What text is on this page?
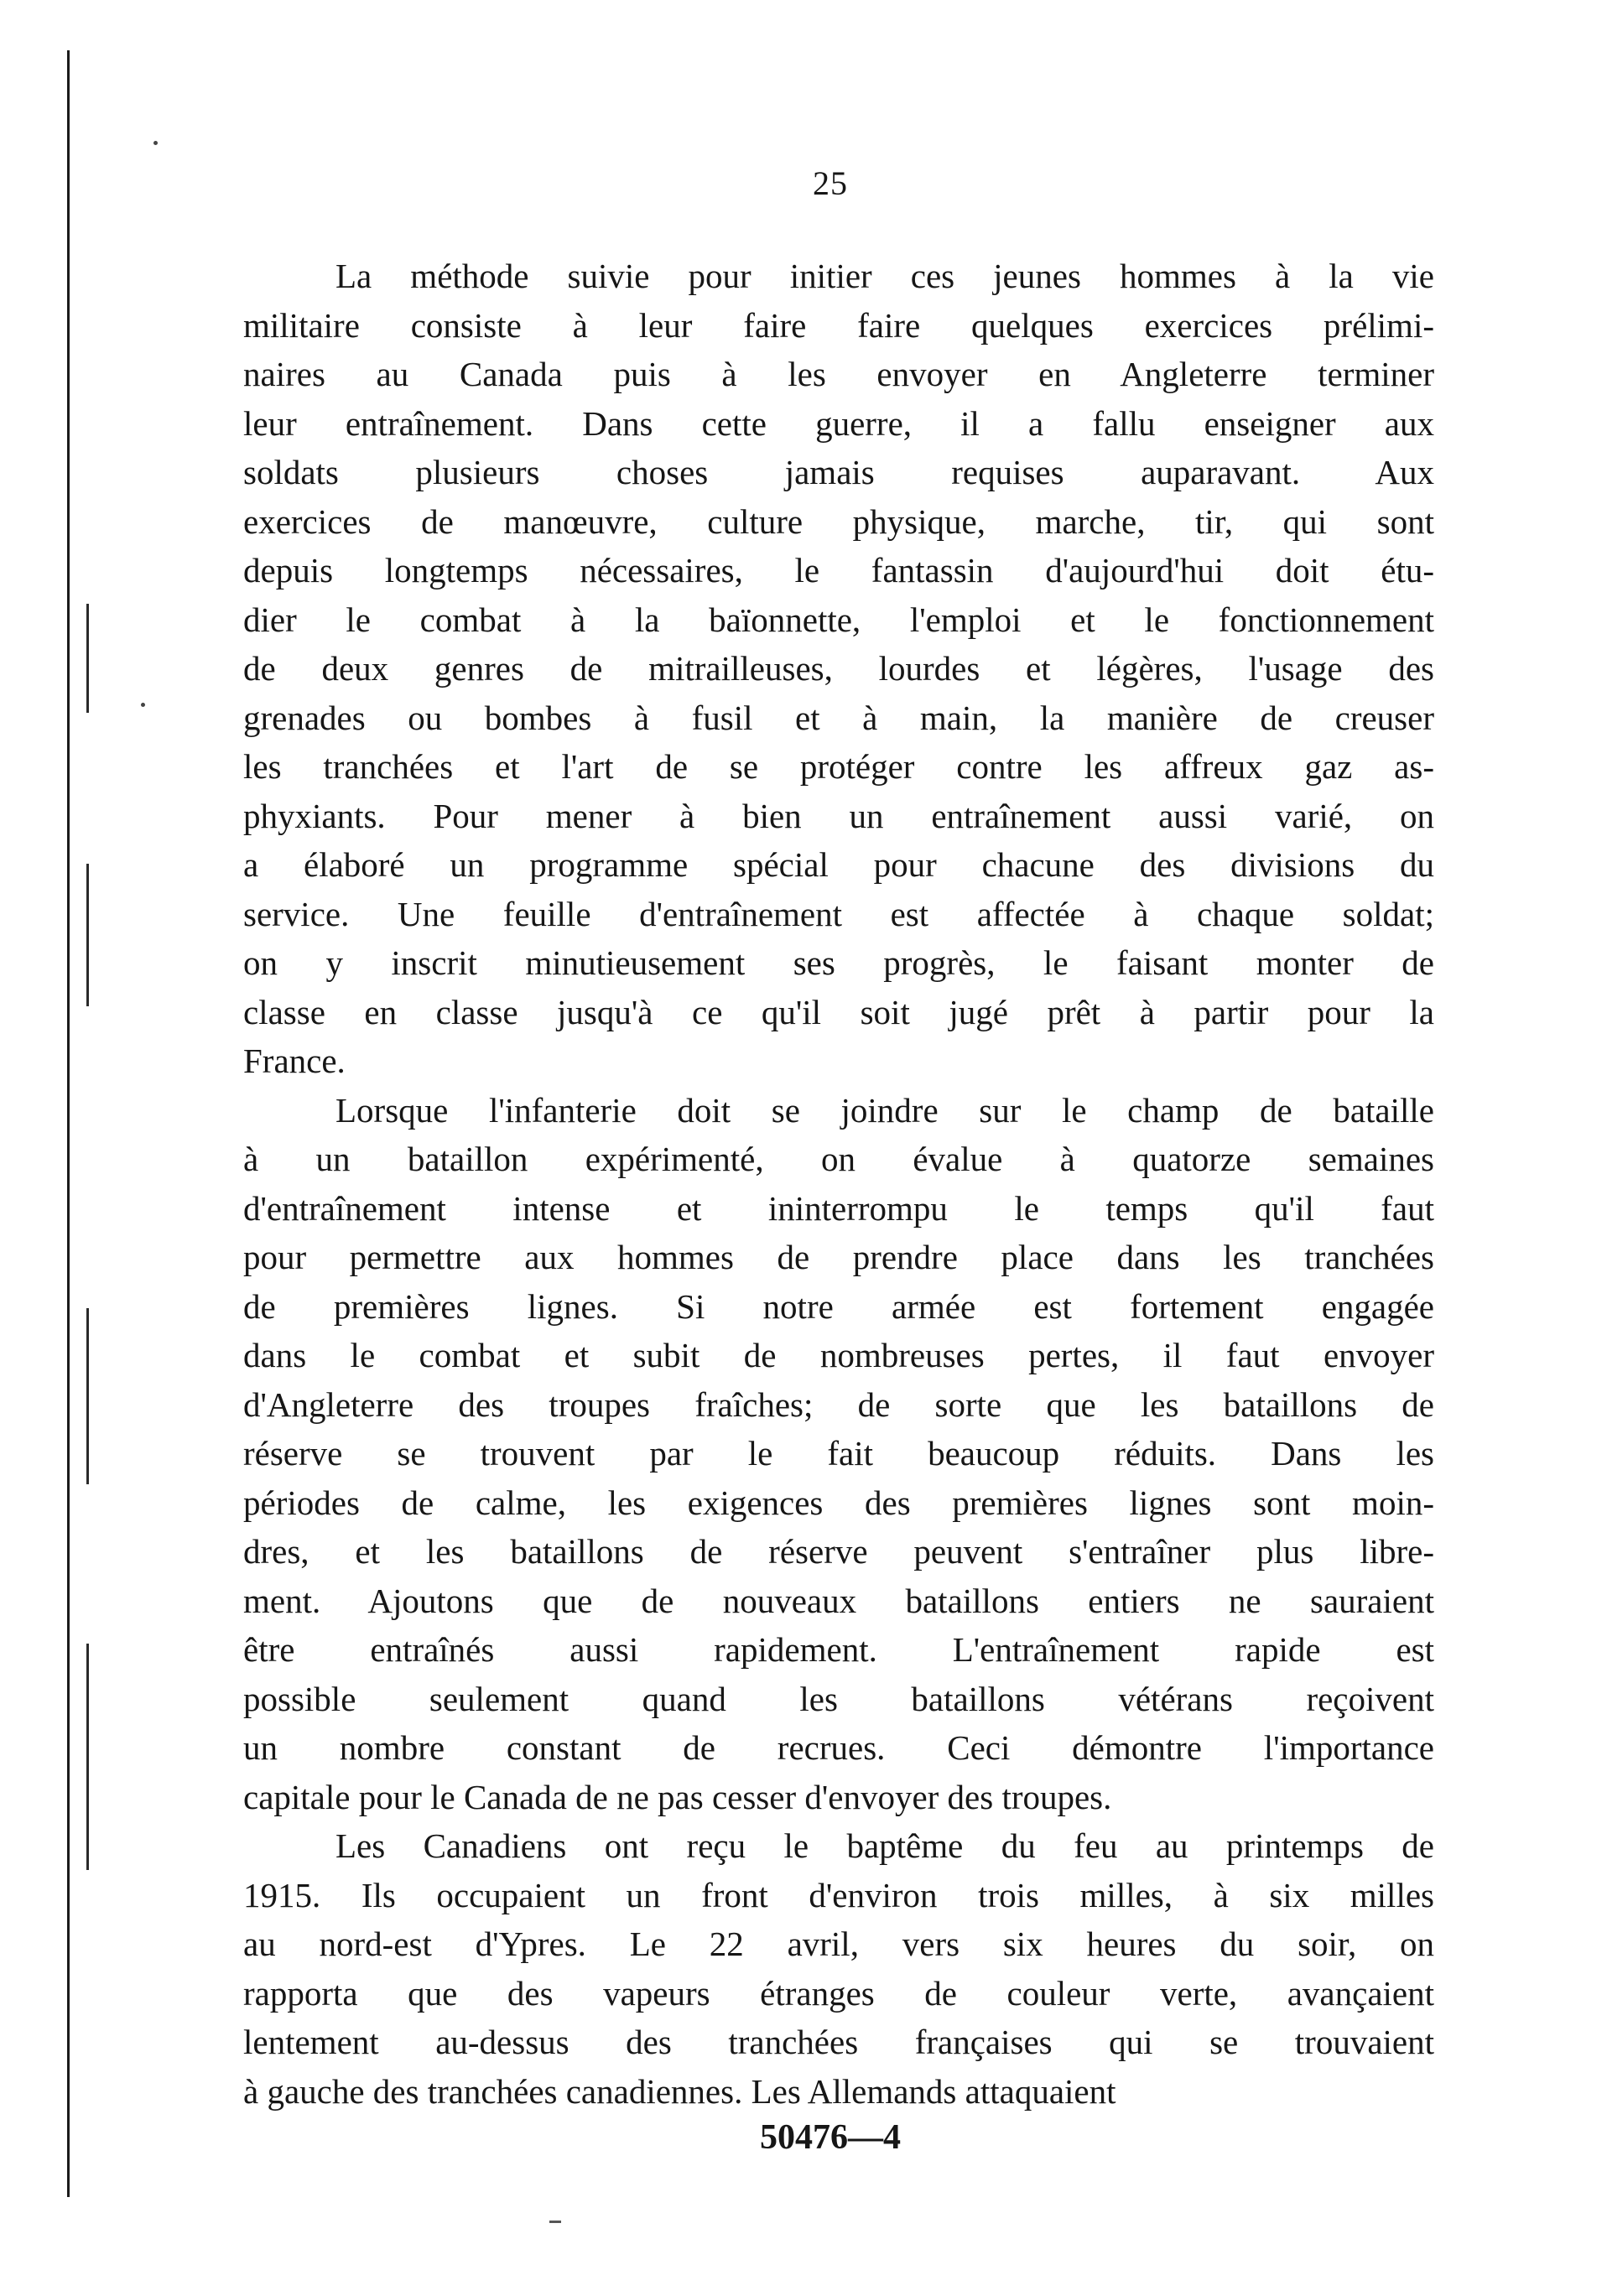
25
La méthode suivie pour initier ces jeunes hommes à la vie
militaire consiste à leur faire faire quelques exercices prélimi-
naires au Canada puis à les envoyer en Angleterre terminer
leur entraînement. Dans cette guerre, il a fallu enseigner aux
soldats plusieurs choses jamais requises auparavant. Aux
exercices de manœuvre, culture physique, marche, tir, qui sont
depuis longtemps nécessaires, le fantassin d'aujourd'hui doit étu-
dier le combat à la baïonnette, l'emploi et le fonctionnement
de deux genres de mitrailleuses, lourdes et légères, l'usage des
grenades ou bombes à fusil et à main, la manière de creuser
les tranchées et l'art de se protéger contre les affreux gaz as-
phyxiants. Pour mener à bien un entraînement aussi varié, on
a élaboré un programme spécial pour chacune des divisions du
service. Une feuille d'entraînement est affectée à chaque soldat;
on y inscrit minutieusement ses progrès, le faisant monter de
classe en classe jusqu'à ce qu'il soit jugé prêt à partir pour la
France.
Lorsque l'infanterie doit se joindre sur le champ de bataille
à un bataillon expérimenté, on évalue à quatorze semaines
d'entraînement intense et ininterrompu le temps qu'il faut
pour permettre aux hommes de prendre place dans les tranchées
de premières lignes. Si notre armée est fortement engagée
dans le combat et subit de nombreuses pertes, il faut envoyer
d'Angleterre des troupes fraîches; de sorte que les bataillons de
réserve se trouvent par le fait beaucoup réduits. Dans les
périodes de calme, les exigences des premières lignes sont moin-
dres, et les bataillons de réserve peuvent s'entraîner plus libre-
ment. Ajoutons que de nouveaux bataillons entiers ne sauraient
être entraînés aussi rapidement. L'entraînement rapide est
possible seulement quand les bataillons vétérans reçoivent
un nombre constant de recrues. Ceci démontre l'importance
capitale pour le Canada de ne pas cesser d'envoyer des troupes.
Les Canadiens ont reçu le baptême du feu au printemps de
1915. Ils occupaient un front d'environ trois milles, à six milles
au nord-est d'Ypres. Le 22 avril, vers six heures du soir, on
rapporta que des vapeurs étranges de couleur verte, avançaient
lentement au-dessus des tranchées françaises qui se trouvaient
à gauche des tranchées canadiennes. Les Allemands attaquaient
50476—4
